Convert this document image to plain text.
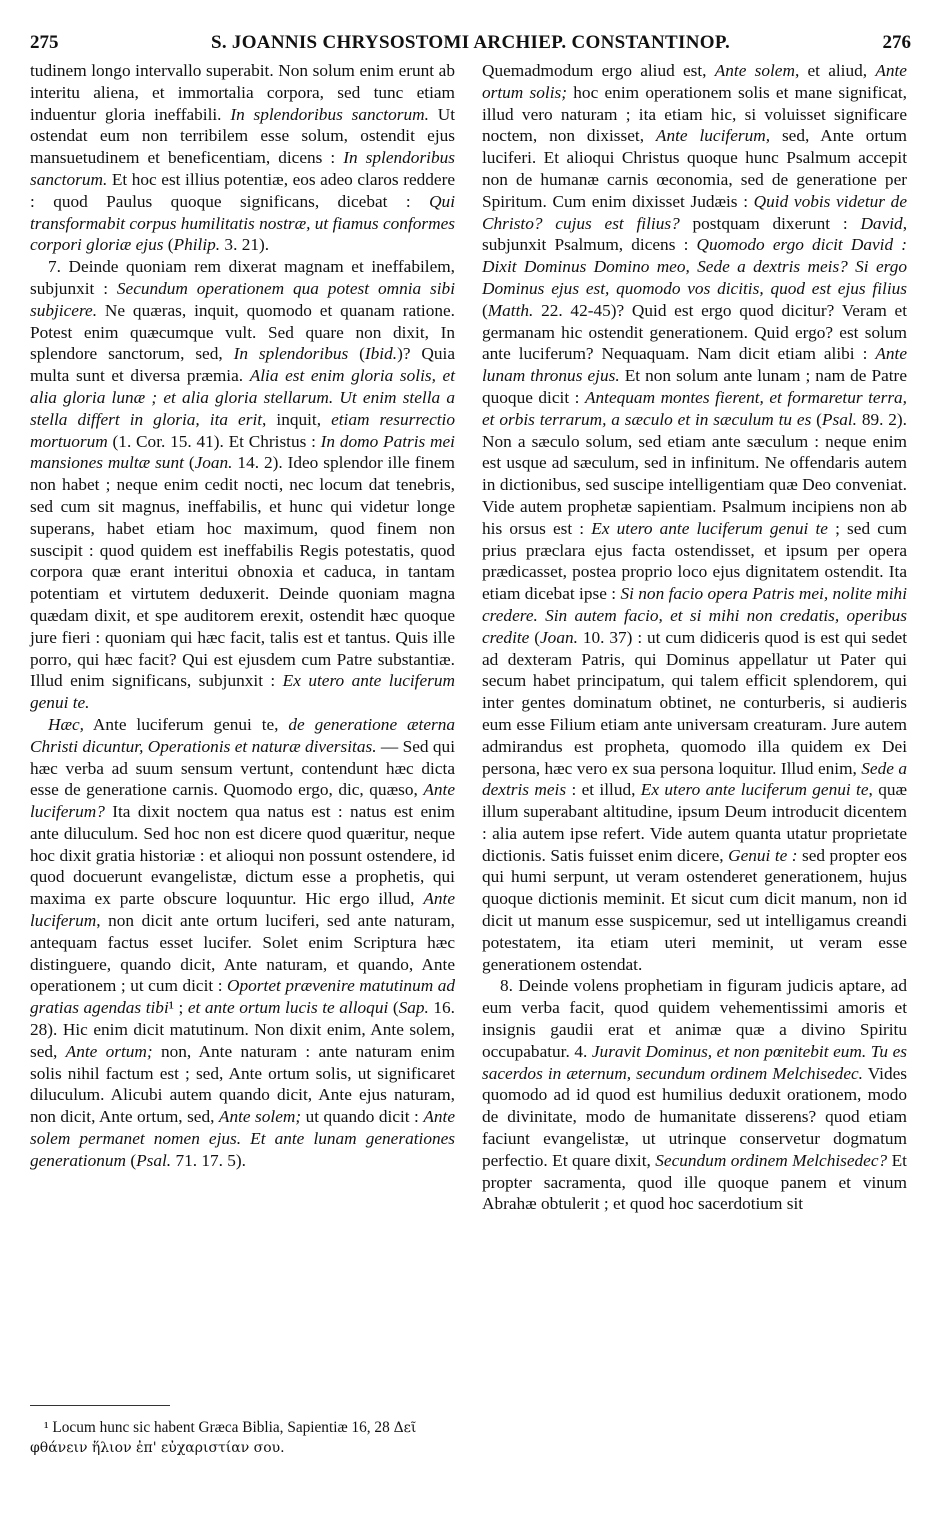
275	S. JOANNIS CHRYSOSTOMI ARCHIEP. CONSTANTINOP.	276

tudinem longo intervallo superabit. Non solum enim erunt ab interitu aliena, et immortalia corpora, sed tunc etiam induentur gloria ineffabili. In splendoribus sanctorum. Ut ostendat eum non terribilem esse solum, ostendit ejus mansuetudinem et beneficentiam, dicens : In splendoribus sanctorum. Et hoc est illius potentiæ, eos adeo claros reddere : quod Paulus quoque significans, dicebat : Qui transformabit corpus humilitatis nostræ, ut fiamus conformes corpori gloriæ ejus (Philip. 3. 21).

7. Deinde quoniam rem dixerat magnam et ineffabilem, subjunxit : Secundum operationem qua potest omnia sibi subjicere. Ne quæras, inquit, quomodo et quanam ratione. Potest enim quæcumque vult. Sed quare non dixit, In splendore sanctorum, sed, In splendoribus (Ibid.)? Quia multa sunt et diversa præmia. Alia est enim gloria solis, et alia gloria lunæ ; et alia gloria stellarum. Ut enim stella a stella differt in gloria, ita erit, inquit, etiam resurrectio mortuorum (1. Cor. 15. 41). Et Christus : In domo Patris mei mansiones multæ sunt (Joan. 14. 2). Ideo splendor ille finem non habet ; neque enim cedit nocti, nec locum dat tenebris, sed cum sit magnus, ineffabilis, et hunc qui videtur longe superans, habet etiam hoc maximum, quod finem non suscipit : quod quidem est ineffabilis Regis potestatis, quod corpora quæ erant interitui obnoxia et caduca, in tantam potentiam et virtutem deduxerit. Deinde quoniam magna quædam dixit, et spe auditorem erexit, ostendit hæc quoque jure fieri : quoniam qui hæc facit, talis est et tantus. Quis ille porro, qui hæc facit? Qui est ejusdem cum Patre substantiæ. Illud enim significans, subjunxit : Ex utero ante luciferum genui te.

Hæc, Ante luciferum genui te, de generatione æterna Christi dicuntur, Operationis et naturæ diversitas. — Sed qui hæc verba ad suum sensum vertunt, contendunt hæc dicta esse de generatione carnis. Quomodo ergo, dic, quæso, Ante luciferum? Ita dixit noctem qua natus est : natus est enim ante diluculum. Sed hoc non est dicere quod quæritur, neque hoc dixit gratia historiæ : et alioqui non possunt ostendere, id quod docuerunt evangelistæ, dictum esse a prophetis, qui maxima ex parte obscure loquuntur. Hic ergo illud, Ante luciferum, non dicit ante ortum luciferi, sed ante naturam, antequam factus esset lucifer. Solet enim Scriptura hæc distinguere, quando dicit, Ante naturam, et quando, Ante operationem ; ut cum dicit : Oportet prævenire matutinum ad gratias agendas tibi¹ ; et ante ortum lucis te alloqui (Sap. 16. 28). Hic enim dicit matutinum. Non dixit enim, Ante solem, sed, Ante ortum; non, Ante naturam : ante naturam enim solis nihil factum est ; sed, Ante ortum solis, ut significaret diluculum. Alicubi autem quando dicit, Ante ejus naturam, non dicit, Ante ortum, sed, Ante solem; ut quando dicit : Ante solem permanet nomen ejus. Et ante lunam generationes generationum (Psal. 71. 17. 5).

¹ Locum hunc sic habent Græca Biblia, Sapientiæ 16, 28 Δεῖ φθάνειν ἥλιον ἐπ' εὐχαριστίαν σου.

Quemadmodum ergo aliud est, Ante solem, et aliud, Ante ortum solis; hoc enim operationem solis et mane significat, illud vero naturam ; ita etiam hic, si voluisset significare noctem, non dixisset, Ante luciferum, sed, Ante ortum luciferi. Et alioqui Christus quoque hunc Psalmum accepit non de humanæ carnis œconomia, sed de generatione per Spiritum. Cum enim dixisset Judæis : Quid vobis videtur de Christo? cujus est filius? postquam dixerunt : David, subjunxit Psalmum, dicens : Quomodo ergo dicit David : Dixit Dominus Domino meo, Sede a dextris meis? Si ergo Dominus ejus est, quomodo vos dicitis, quod est ejus filius (Matth. 22. 42-45)? Quid est ergo quod dicitur? Veram et germanam hic ostendit generationem. Quid ergo? est solum ante luciferum? Nequaquam. Nam dicit etiam alibi : Ante lunam thronus ejus. Et non solum ante lunam ; nam de Patre quoque dicit : Antequam montes fierent, et formaretur terra, et orbis terrarum, a sæculo et in sæculum tu es (Psal. 89. 2). Non a sæculo solum, sed etiam ante sæculum : neque enim est usque ad sæculum, sed in infinitum. Ne offendaris autem in dictionibus, sed suscipe intelligentiam quæ Deo conveniat. Vide autem prophetæ sapientiam. Psalmum incipiens non ab his orsus est : Ex utero ante luciferum genui te ; sed cum prius præclara ejus facta ostendisset, et ipsum per opera prædicasset, postea proprio loco ejus dignitatem ostendit. Ita etiam dicebat ipse : Si non facio opera Patris mei, nolite mihi credere. Sin autem facio, et si mihi non credatis, operibus credite (Joan. 10. 37) : ut cum didiceris quod is est qui sedet ad dexteram Patris, qui Dominus appellatur ut Pater qui secum habet principatum, qui talem efficit splendorem, qui inter gentes dominatum obtinet, ne conturberis, si audieris eum esse Filium etiam ante universam creaturam. Jure autem admirandus est propheta, quomodo illa quidem ex Dei persona, hæc vero ex sua persona loquitur. Illud enim, Sede a dextris meis : et illud, Ex utero ante luciferum genui te, quæ illum superabant altitudine, ipsum Deum introducit dicentem : alia autem ipse refert. Vide autem quanta utatur proprietate dictionis. Satis fuisset enim dicere, Genui te : sed propter eos qui humi serpunt, ut veram ostenderet generationem, hujus quoque dictionis meminit. Et sicut cum dicit manum, non id dicit ut manum esse suspicemur, sed ut intelligamus creandi potestatem, ita etiam uteri meminit, ut veram esse generationem ostendat.

8. Deinde volens prophetiam in figuram judicis aptare, ad eum verba facit, quod quidem vehementissimi amoris et insignis gaudii erat et animæ quæ a divino Spiritu occupabatur. 4. Juravit Dominus, et non pœnitebit eum. Tu es sacerdos in æternum, secundum ordinem Melchisedec. Vides quomodo ad id quod est humilius deduxit orationem, modo de divinitate, modo de humanitate disserens? quod etiam faciunt evangelistæ, ut utrinque conservetur dogmatum perfectio. Et quare dixit, Secundum ordinem Melchisedec? Et propter sacramenta, quod ille quoque panem et vinum Abrahæ obtulerit ; et quod hoc sacerdotium sit
